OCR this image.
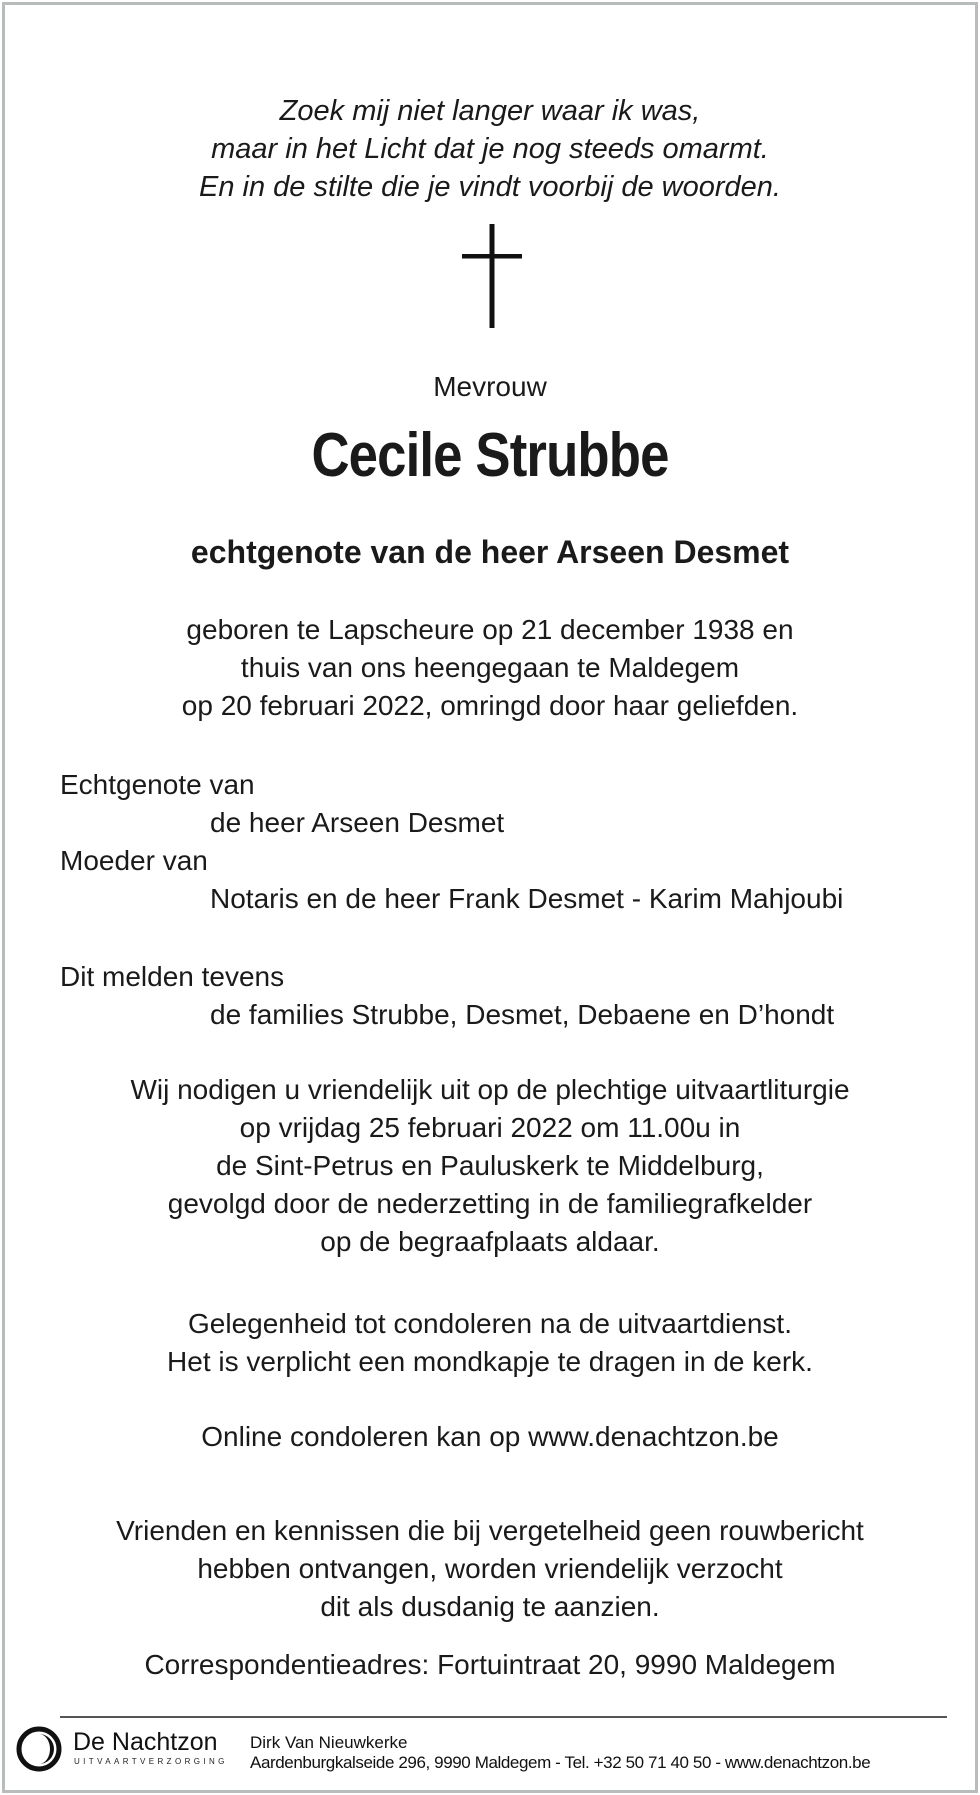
Zoek mij niet langer waar ik was,
maar in het Licht dat je nog steeds omarmt.
En in de stilte die je vindt voorbij de woorden.
Mevrouw
Cecile Strubbe
echtgenote van de heer Arseen Desmet
geboren te Lapscheure op 21 december 1938 en
thuis van ons heengegaan te Maldegem
op 20 februari 2022, omringd door haar geliefden.
Echtgenote van
de heer Arseen Desmet
Moeder van
Notaris en de heer Frank Desmet - Karim Mahjoubi
Dit melden tevens
de families Strubbe, Desmet, Debaene en D’hondt
Wij nodigen u vriendelijk uit op de plechtige uitvaartliturgie
op vrijdag 25 februari 2022 om 11.00u in
de Sint-Petrus en Pauluskerk te Middelburg,
gevolgd door de nederzetting in de familiegrafkelder
op de begraafplaats aldaar.
Gelegenheid tot condoleren na de uitvaartdienst.
Het is verplicht een mondkapje te dragen in de kerk.
Online condoleren kan op www.denachtzon.be
Vrienden en kennissen die bij vergetelheid geen rouwbericht
hebben ontvangen, worden vriendelijk verzocht
dit als dusdanig te aanzien.
Correspondentieadres: Fortuintraat 20, 9990 Maldegem
De Nachtzon
UITVAARTVERZORGING
Dirk Van Nieuwkerke
Aardenburgkalseide 296, 9990 Maldegem - Tel. +32 50 71 40 50 - www.denachtzon.be
